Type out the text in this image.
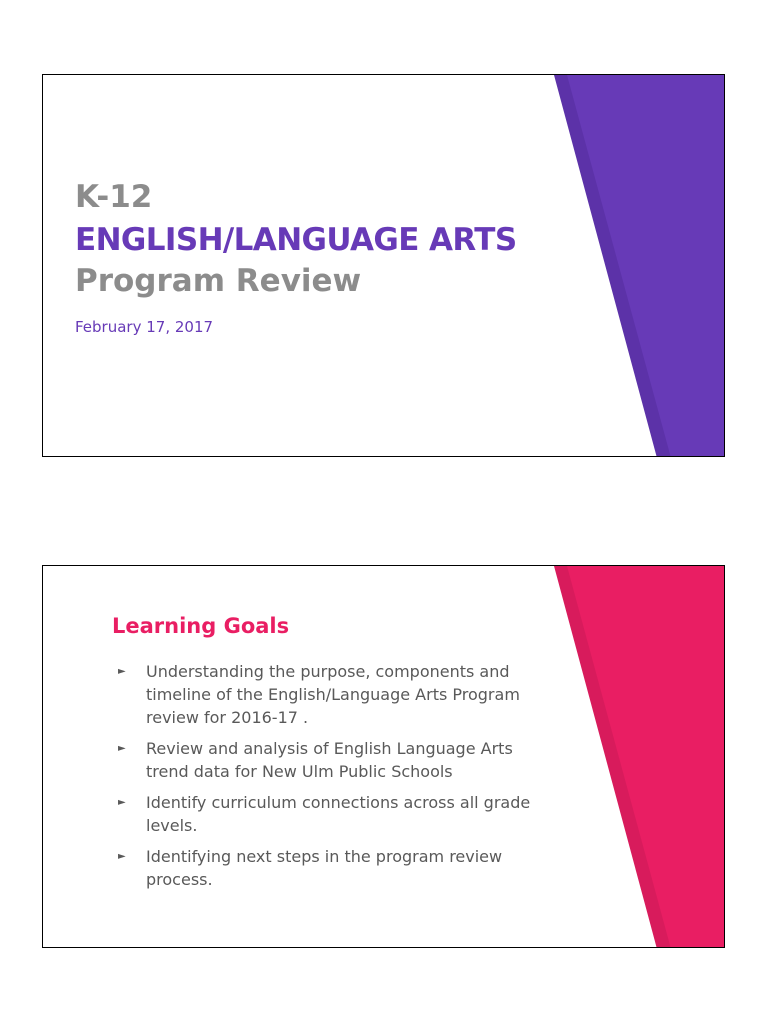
K-12
ENGLISH/LANGUAGE ARTS
Program Review

February 17, 2017

Learning Goals
► Understanding the purpose, components and timeline of the English/Language Arts Program review for 2016-17 .
► Review and analysis of English Language Arts trend data for New Ulm Public Schools
► Identify curriculum connections across all grade levels.
► Identifying next steps in the program review process.
